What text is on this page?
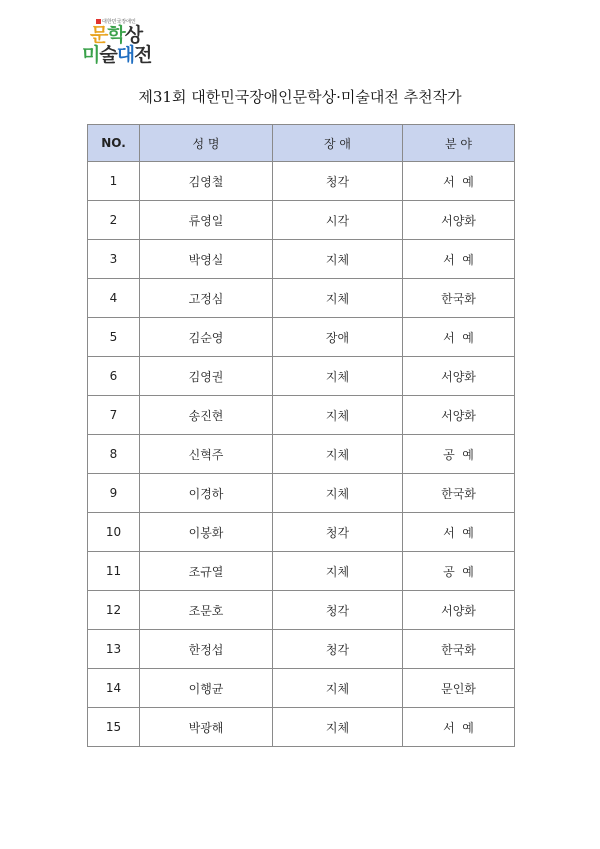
대한민국장애인
문학상
미술대전
제31회 대한민국장애인문학상·미술대전 추천작가
NO.	성 명	장 애	분 야
1	김영철	청각	서  예
2	류영일	시각	서양화
3	박영실	지체	서  예
4	고정심	지체	한국화
5	김순영	장애	서  예
6	김영권	지체	서양화
7	송진현	지체	서양화
8	신혁주	지체	공  예
9	이경하	지체	한국화
10	이봉화	청각	서  예
11	조규열	지체	공  예
12	조문호	청각	서양화
13	한정섭	청각	한국화
14	이행균	지체	문인화
15	박광해	지체	서  예
